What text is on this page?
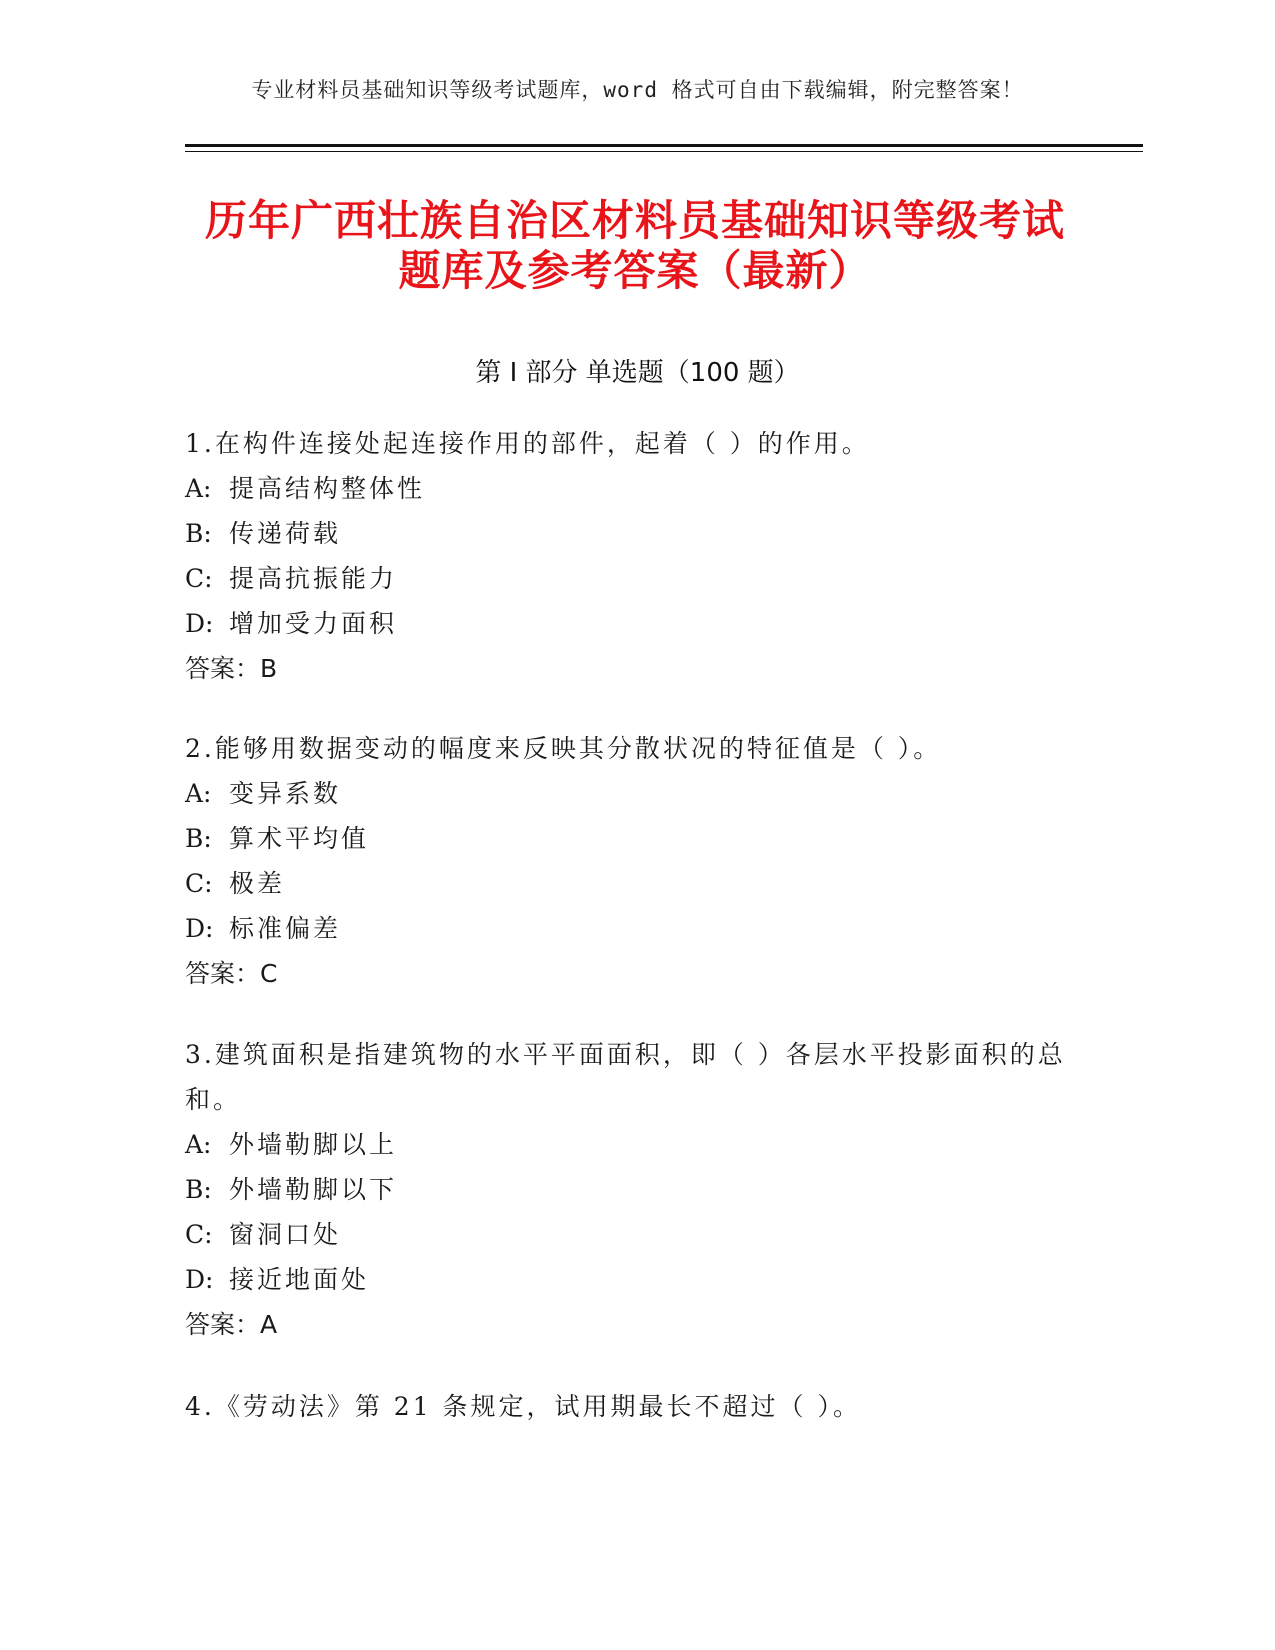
专业材料员基础知识等级考试题库，word 格式可自由下载编辑，附完整答案！
历年广西壮族自治区材料员基础知识等级考试题库及参考答案（最新）
第 I 部分 单选题（100 题）

1.在构件连接处起连接作用的部件，起着（ ）的作用。

A: 提高结构整体性

B: 传递荷载

C: 提高抗振能力

D: 增加受力面积

答案：B

2.能够用数据变动的幅度来反映其分散状况的特征值是（ ）。

A: 变异系数

B: 算术平均值

C: 极差

D: 标准偏差

答案：C

3.建筑面积是指建筑物的水平平面面积，即（ ）各层水平投影面积的总和。

A: 外墙勒脚以上

B: 外墙勒脚以下

C: 窗洞口处

D: 接近地面处

答案：A

4.《劳动法》第 21 条规定，试用期最长不超过（ ）。
